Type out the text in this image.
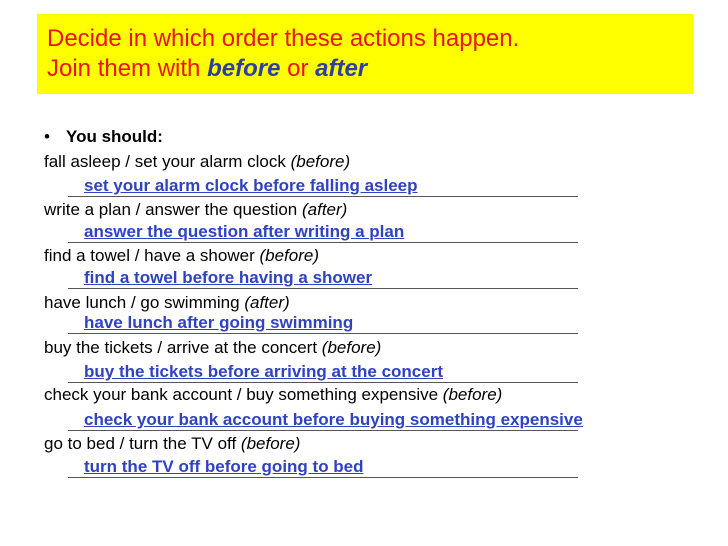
Decide in which order these actions happen.
Join them with before or after
• You should:
fall asleep / set your alarm clock (before)
set your alarm clock before falling asleep
write a plan / answer the question (after)
answer the question after writing a plan
find a towel / have a shower (before)
find a towel before having a shower
have lunch / go swimming (after)
have lunch after going swimming
buy the tickets / arrive at the concert (before)
buy the tickets before arriving at the concert
check your bank account / buy something expensive (before)
check your bank account before buying something expensive
go to bed / turn the TV off (before)
turn the TV off before going to bed
